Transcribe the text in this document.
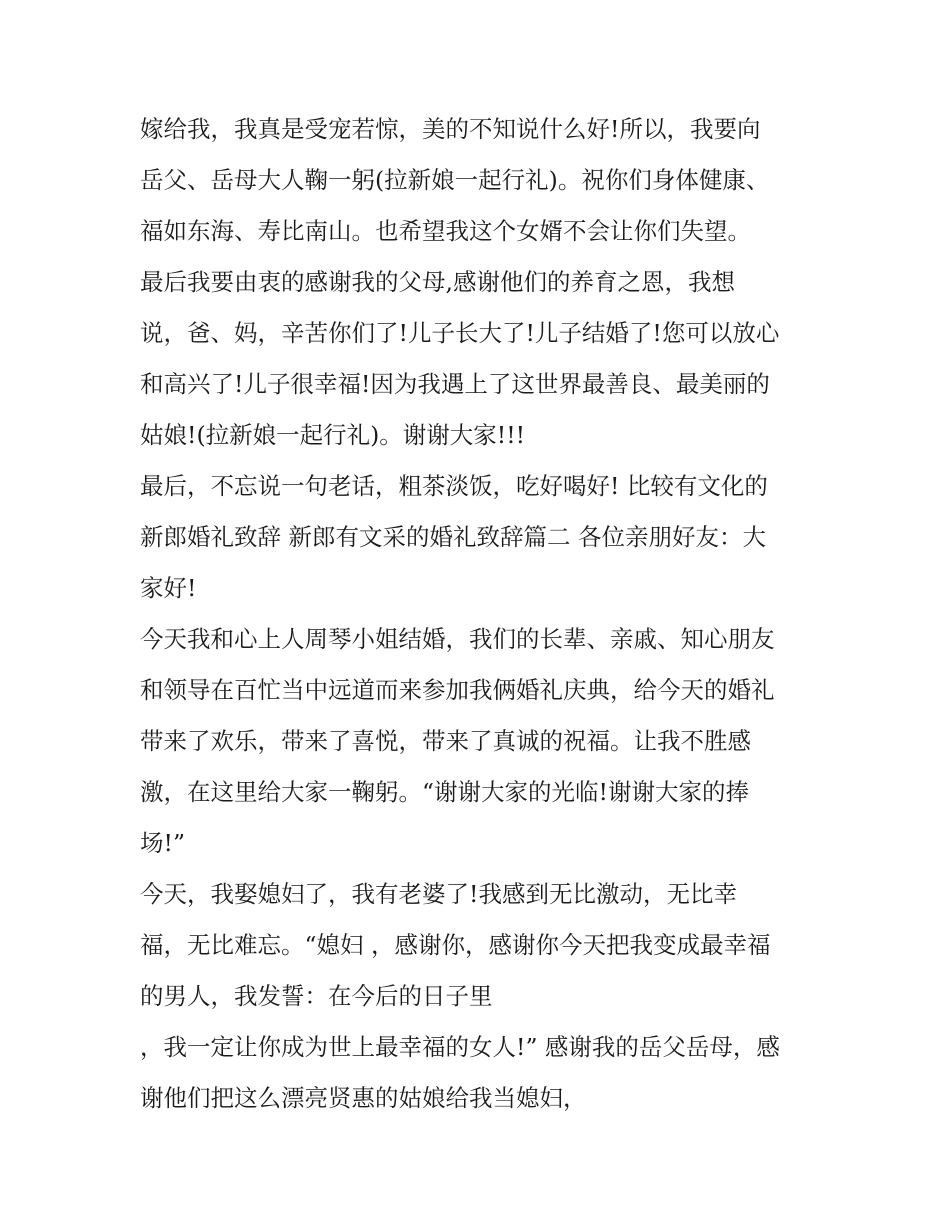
嫁给我，我真是受宠若惊，美的不知说什么好!所以，我要向
岳父、岳母大人鞠一躬(拉新娘一起行礼)。祝你们身体健康、
福如东海、寿比南山。也希望我这个女婿不会让你们失望。
最后我要由衷的感谢我的父母,感谢他们的养育之恩，我想
说，爸、妈，辛苦你们了!儿子长大了!儿子结婚了!您可以放心
和高兴了!儿子很幸福!因为我遇上了这世界最善良、最美丽的
姑娘!(拉新娘一起行礼)。谢谢大家!!!
最后，不忘说一句老话，粗茶淡饭，吃好喝好! 比较有文化的
新郎婚礼致辞 新郎有文采的婚礼致辞篇二 各位亲朋好友：大
家好!
今天我和心上人周琴小姐结婚，我们的长辈、亲戚、知心朋友
和领导在百忙当中远道而来参加我俩婚礼庆典，给今天的婚礼
带来了欢乐，带来了喜悦，带来了真诚的祝福。让我不胜感
激，在这里给大家一鞠躬。“谢谢大家的光临!谢谢大家的捧
场!”
今天，我娶媳妇了，我有老婆了!我感到无比激动，无比幸
福，无比难忘。“媳妇 ，感谢你，感谢你今天把我变成最幸福
的男人，我发誓：在今后的日子里
，我一定让你成为世上最幸福的女人!” 感谢我的岳父岳母，感
谢他们把这么漂亮贤惠的姑娘给我当媳妇，
